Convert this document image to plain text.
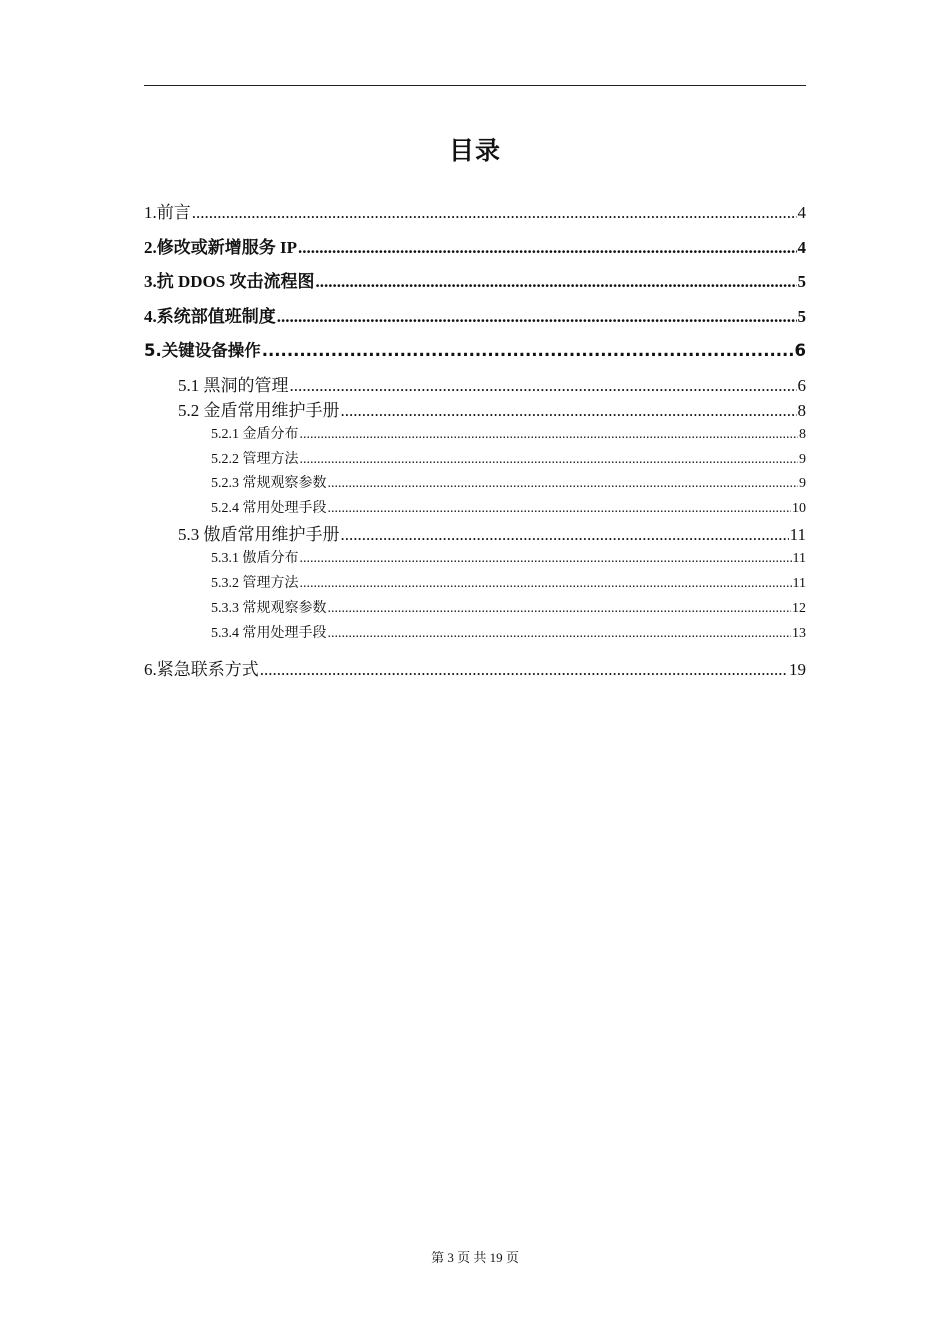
目录
1.前言 .....	4
2.修改或新增服务 IP .....	4
3.抗 DDOS 攻击流程图 .....	5
4.系统部值班制度 .....	5
5.关键设备操作 .....	6
5.1 黑洞的管理 .....	6
5.2 金盾常用维护手册 .....	8
5.2.1 金盾分布 .....	8
5.2.2 管理方法 .....	9
5.2.3 常规观察参数 .....	9
5.2.4 常用处理手段 .....	10
5.3 傲盾常用维护手册 .....	11
5.3.1 傲盾分布 .....	11
5.3.2 管理方法 .....	11
5.3.3 常规观察参数 .....	12
5.3.4 常用处理手段 .....	13
6.紧急联系方式 .....	19
第 3 页 共 19 页
